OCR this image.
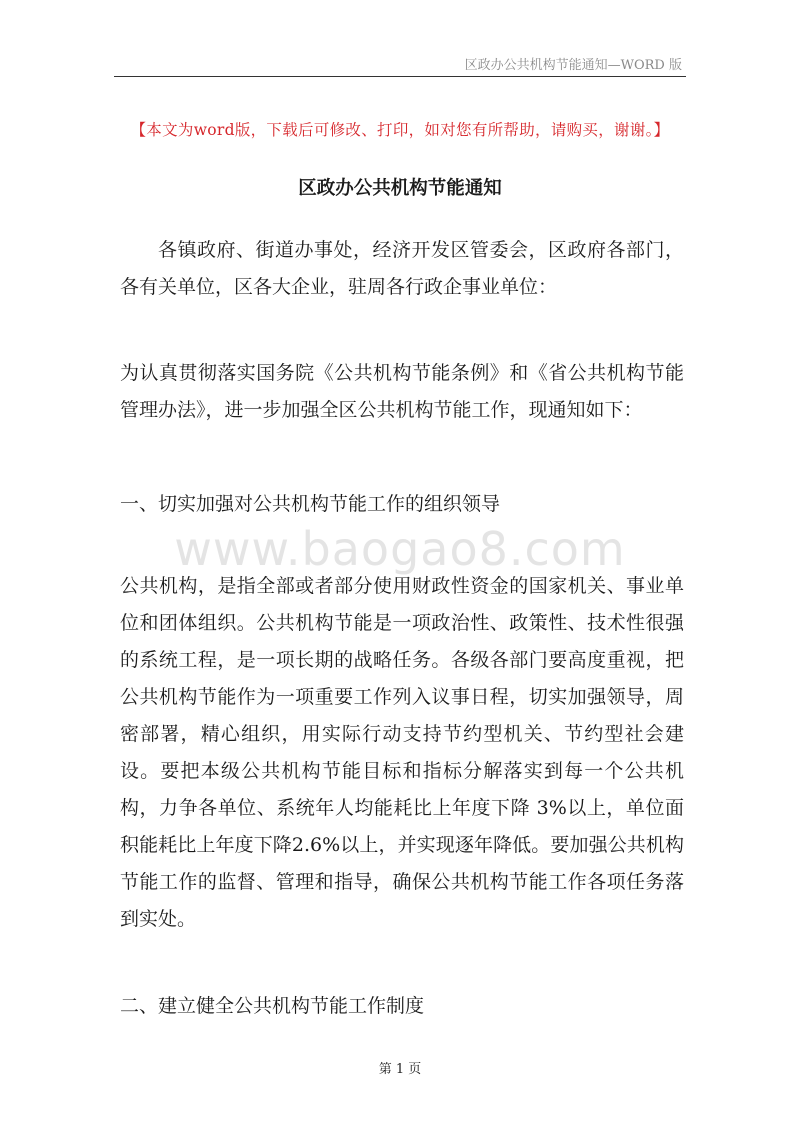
区政办公共机构节能通知—WORD 版
【本文为word版，下载后可修改、打印，如对您有所帮助，请购买，谢谢。】
区政办公共机构节能通知

各镇政府、街道办事处，经济开发区管委会，区政府各部门，各有关单位，区各大企业，驻周各行政企事业单位：

为认真贯彻落实国务院《公共机构节能条例》和《省公共机构节能管理办法》，进一步加强全区公共机构节能工作，现通知如下：

一、切实加强对公共机构节能工作的组织领导

www.baogao8.com

公共机构，是指全部或者部分使用财政性资金的国家机关、事业单位和团体组织。公共机构节能是一项政治性、政策性、技术性很强的系统工程，是一项长期的战略任务。各级各部门要高度重视，把公共机构节能作为一项重要工作列入议事日程，切实加强领导，周密部署，精心组织，用实际行动支持节约型机关、节约型社会建设。要把本级公共机构节能目标和指标分解落实到每一个公共机构，力争各单位、系统年人均能耗比上年度下降 3%以上，单位面积能耗比上年度下降2.6%以上，并实现逐年降低。要加强公共机构节能工作的监督、管理和指导，确保公共机构节能工作各项任务落到实处。

二、建立健全公共机构节能工作制度

第 1 页
